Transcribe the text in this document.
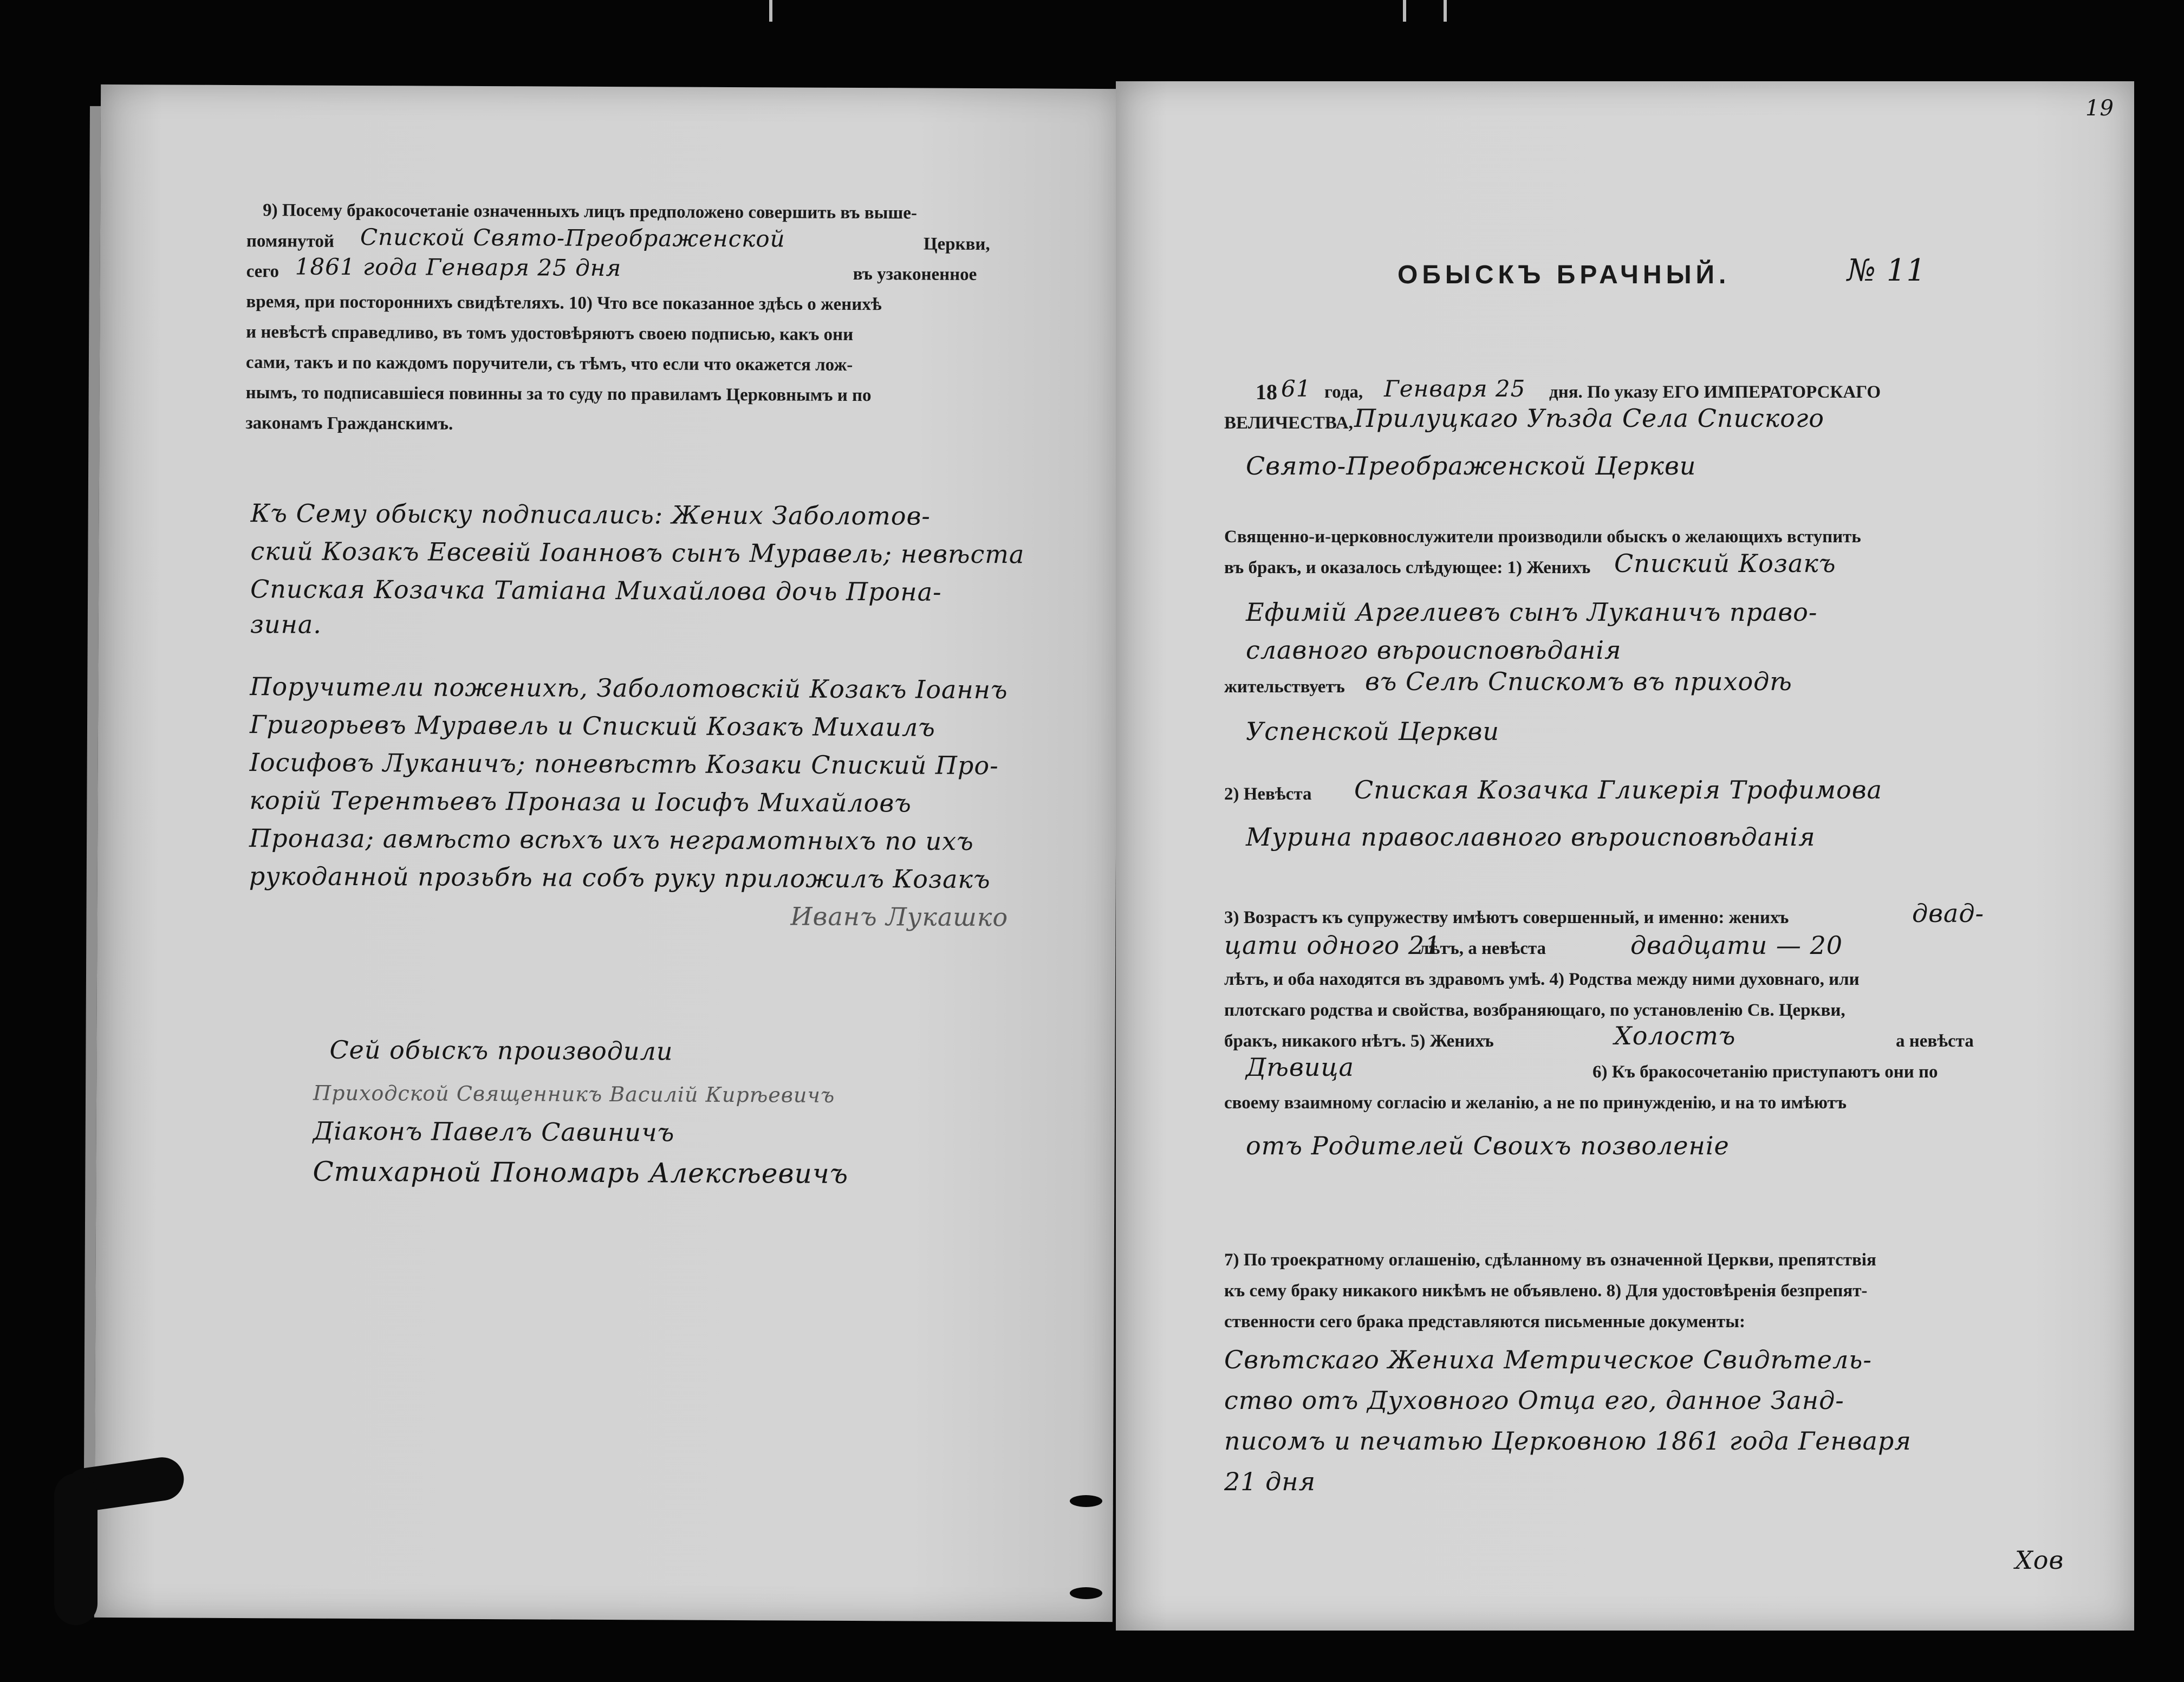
9) Посему бракосочетаніе означенныхъ лицъ предположено совершить въ выше-
помянутой Спиской Свято-Преображенской	Церкви,
сего 1861 года Генваря 25 дня	въ узаконенное
время, при постороннихъ свидѣтеляхъ. 10) Что все показанное здѣсь о женихѣ
и невѣстѣ справедливо, въ томъ удостовѣряютъ своею подписью, какъ они
сами, такъ и по каждомъ поручители, съ тѣмъ, что если что окажется лож-
нымъ, то подписавшіеся повинны за то суду по правиламъ Церковнымъ и по
законамъ Гражданскимъ.
Къ Сему обыску подписались: Жених Заболотов-
ский Козакъ Евсевій Іоанновъ сынъ Муравель; невѣста
Спиская Козачка Татіана Михайлова дочь Прона-
зина.
Поручители поженихѣ, Заболотовскій Козакъ Іоаннъ
Григорьевъ Муравель и Спиский Козакъ Михаилъ
Іосифовъ Луканичъ; поневѣстѣ Козаки Спиский Про-
корій Терентьевъ Проназа и Іосифъ Михайловъ
Проназа; авмѣсто всѣхъ ихъ неграмотныхъ по ихъ
рукоданной прозьбѣ на собъ руку приложилъ Козакъ
Иванъ Лукашко
Сей обыскъ производили
Приходской Священникъ Василій Кирѣевичъ
Діаконъ Павелъ Савиничъ
Стихарной Пономарь Алексѣевичъ
19
ОБЫСКЪ БРАЧНЫЙ.	№ 11
18 61 года, Генваря 25 дня. По указу ЕГО ИМПЕРАТОРСКАГО
ВЕЛИЧЕСТВА, Прилуцкаго Уѣзда Села Спиского
Свято-Преображенской Церкви
Священно-и-церковнослужители производили обыскъ о желающихъ вступить
въ бракъ, и оказалось слѣдующее: 1) Женихъ Спиский Козакъ
Ефимій Аргелиевъ сынъ Луканичъ право-
славного вѣроисповѣданія
жительствуетъ въ Селѣ Спискомъ въ приходѣ
Успенской Церкви
2) Невѣста Спиская Козачка Гликерія Трофимова
Мурина православного вѣроисповѣданія
3) Возрастъ къ супружеству имѣютъ совершенный, и именно: женихъ	двад-
цати одного 21
лѣтъ, а невѣста	двадцати — 20
лѣтъ, и оба находятся въ здравомъ умѣ. 4) Родства между ними духовнаго, или
плотскаго родства и свойства, возбраняющаго, по установленію Св. Церкви,
бракъ, никакого нѣтъ. 5) Женихъ	Холостъ	а невѣста
Дѣвица	6) Къ бракосочетанію приступаютъ они по
своему взаимному согласію и желанію, а не по принужденію, и на то имѣютъ
отъ Родителей Своихъ позволеніе
7) По троекратному оглашенію, сдѣланному въ означенной Церкви, препятствія
къ сему браку никакого никѣмъ не объявлено. 8) Для удостовѣренія безпрепят-
ственности сего брака представляются письменные документы:
Свѣтскаго Жениха Метрическое Свидѣтель-
ство отъ Духовного Отца его, данное Занд-
писомъ и печатью Церковною 1861 года Генваря
21 дня
Хов
